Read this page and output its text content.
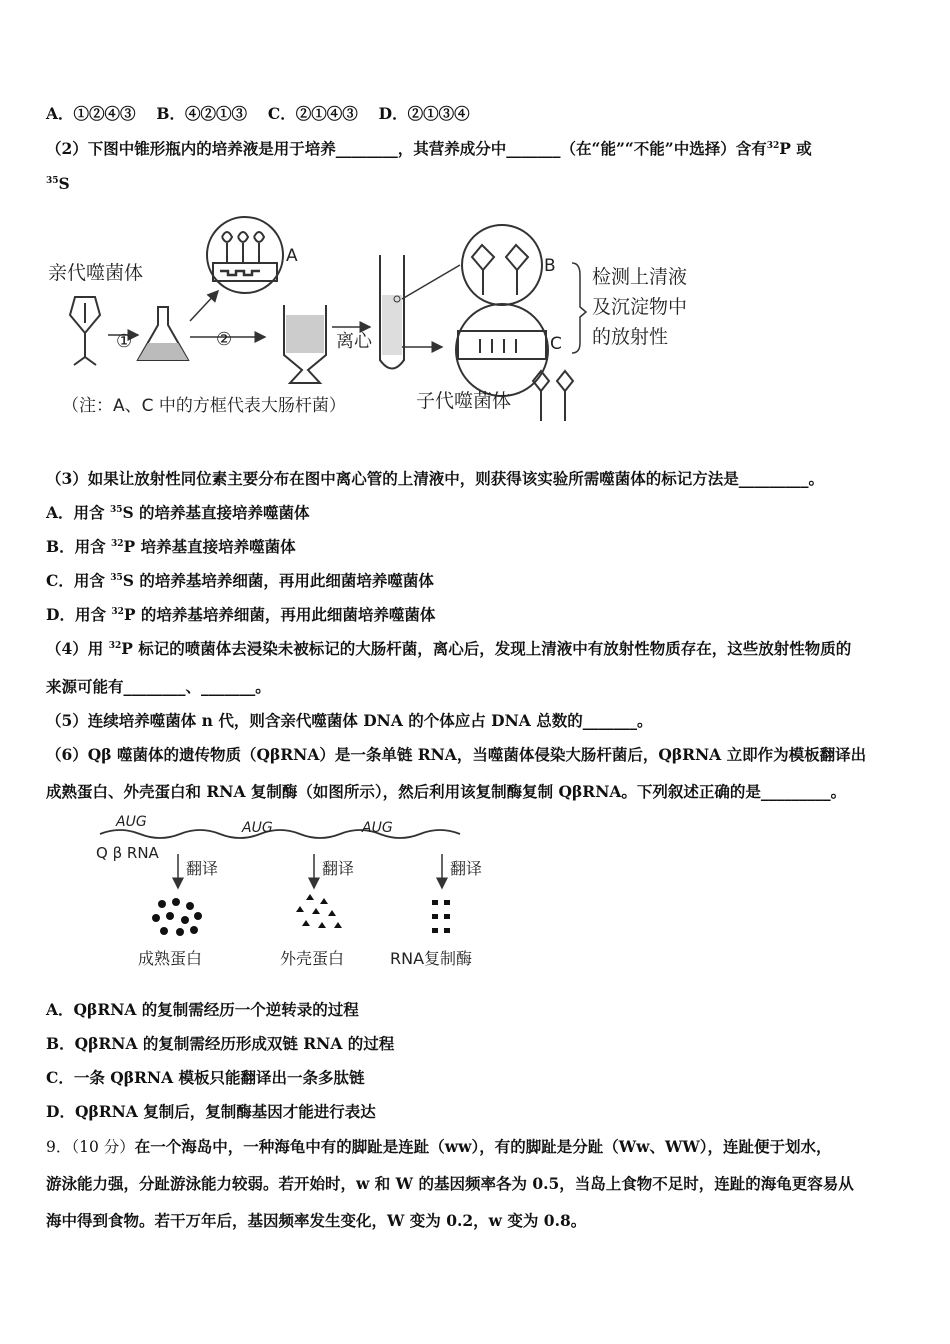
A．①②④③　 B．④②①③　 C．②①④③　 D．②①③④
（2）下图中锥形瓶内的培养液是用于培养________，其营养成分中_______（在“能”“不能”中选择）含有$^{32}$P 或
$^{35}$S
亲代噬菌体
①	②
A
离心
B
C
检测上清液
及沉淀物中
的放射性
（注：A、C 中的方框代表大肠杆菌）	子代噬菌体
（3）如果让放射性同位素主要分布在图中离心管的上清液中，则获得该实验所需噬菌体的标记方法是_________。
A．用含 $^{35}$S 的培养基直接培养噬菌体
B．用含 $^{32}$P 培养基直接培养噬菌体
C．用含 $^{35}$S 的培养基培养细菌，再用此细菌培养噬菌体
D．用含 $^{32}$P 的培养基培养细菌，再用此细菌培养噬菌体
（4）用 $^{32}$P 标记的喷菌体去浸染未被标记的大肠杆菌，离心后，发现上清液中有放射性物质存在，这些放射性物质的
来源可能有________、_______。
（5）连续培养噬菌体 n 代，则含亲代噬菌体 DNA 的个体应占 DNA 总数的_______。
（6）Qβ 噬菌体的遗传物质（QβRNA）是一条单链 RNA，当噬菌体侵染大肠杆菌后，QβRNA 立即作为模板翻译出
成熟蛋白、外壳蛋白和 RNA 复制酶（如图所示），然后利用该复制酶复制 QβRNA。下列叙述正确的是_________。
AUG	AUG	AUG
Q β RNA
翻译	翻译	翻译
成熟蛋白	外壳蛋白	RNA复制酶
A．QβRNA 的复制需经历一个逆转录的过程
B．QβRNA 的复制需经历形成双链 RNA 的过程
C．一条 QβRNA 模板只能翻译出一条多肽链
D．QβRNA 复制后，复制酶基因才能进行表达
9．（10 分）在一个海岛中，一种海龟中有的脚趾是连趾（ww），有的脚趾是分趾（Ww、WW），连趾便于划水，
游泳能力强，分趾游泳能力较弱。若开始时，w 和 W 的基因频率各为 0.5，当岛上食物不足时，连趾的海龟更容易从
海中得到食物。若干万年后，基因频率发生变化，W 变为 0.2，w 变为 0.8。
